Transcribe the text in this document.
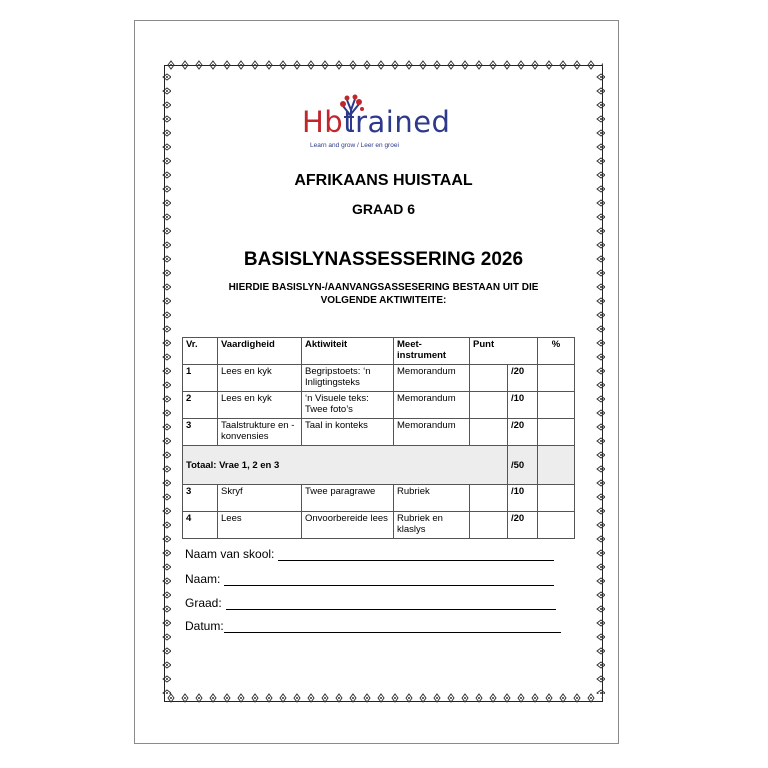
Hbtrained
Learn and grow / Leer en groei
AFRIKAANS HUISTAAL
GRAAD 6
BASISLYNASSESSERING 2026
HIERDIE BASISLYN-/AANVANGSASSESERING BESTAAN UIT DIE
VOLGENDE AKTIWITEITE:
Vr.	Vaardigheid	Aktiwiteit	Meet-instrument	Punt		%
1	Lees en kyk	Begripstoets: ‘n Inligtingsteks	Memorandum		/20	
2	Lees en kyk	‘n Visuele teks: Twee foto’s	Memorandum		/10	
3	Taalstrukture en -konvensies	Taal in konteks	Memorandum		/20	
Totaal: Vrae 1, 2 en 3					/50	
3	Skryf	Twee paragrawe	Rubriek		/10	
4	Lees	Onvoorbereide lees	Rubriek en klaslys		/20	
Naam van skool:
Naam:
Graad:
Datum:
